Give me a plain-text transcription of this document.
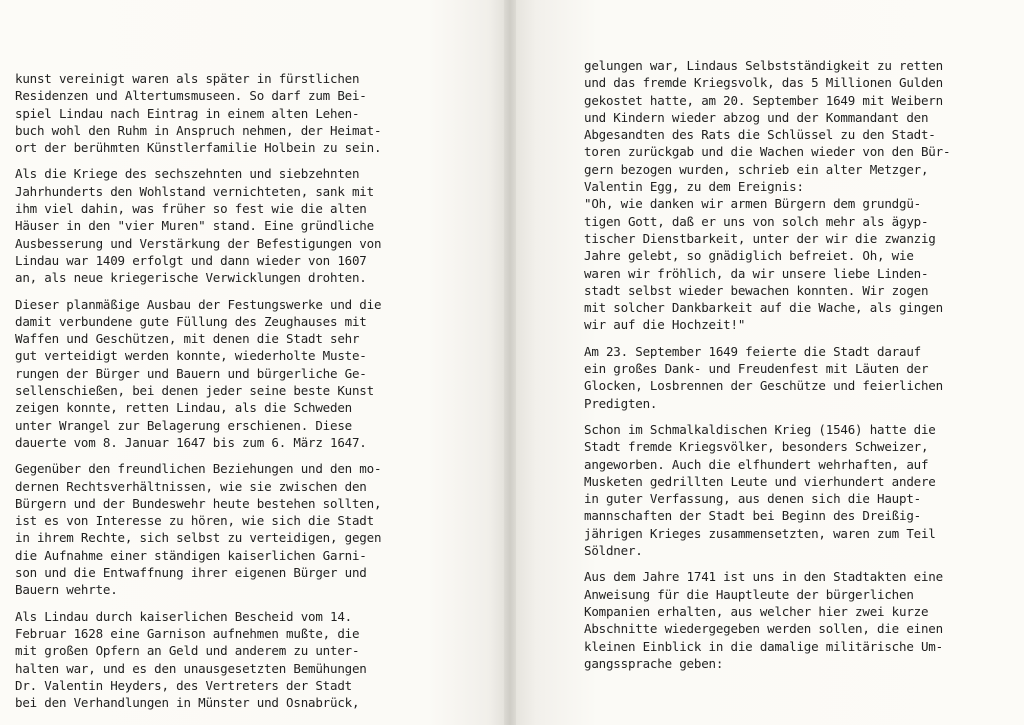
kunst vereinigt waren als später in fürstlichen
Residenzen und Altertumsmuseen. So darf zum Bei-
spiel Lindau nach Eintrag in einem alten Lehen-
buch wohl den Ruhm in Anspruch nehmen, der Heimat-
ort der berühmten Künstlerfamilie Holbein zu sein.
Als die Kriege des sechszehnten und siebzehnten
Jahrhunderts den Wohlstand vernichteten, sank mit
ihm viel dahin, was früher so fest wie die alten
Häuser in den "vier Muren" stand. Eine gründliche
Ausbesserung und Verstärkung der Befestigungen von
Lindau war 1409 erfolgt und dann wieder von 1607
an, als neue kriegerische Verwicklungen drohten.
Dieser planmäßige Ausbau der Festungswerke und die
damit verbundene gute Füllung des Zeughauses mit
Waffen und Geschützen, mit denen die Stadt sehr
gut verteidigt werden konnte, wiederholte Muste-
rungen der Bürger und Bauern und bürgerliche Ge-
sellenschießen, bei denen jeder seine beste Kunst
zeigen konnte, retten Lindau, als die Schweden
unter Wrangel zur Belagerung erschienen. Diese
dauerte vom 8. Januar 1647 bis zum 6. März 1647.
Gegenüber den freundlichen Beziehungen und den mo-
dernen Rechtsverhältnissen, wie sie zwischen den
Bürgern und der Bundeswehr heute bestehen sollten,
ist es von Interesse zu hören, wie sich die Stadt
in ihrem Rechte, sich selbst zu verteidigen, gegen
die Aufnahme einer ständigen kaiserlichen Garni-
son und die Entwaffnung ihrer eigenen Bürger und
Bauern wehrte.
Als Lindau durch kaiserlichen Bescheid vom 14.
Februar 1628 eine Garnison aufnehmen mußte, die
mit großen Opfern an Geld und anderem zu unter-
halten war, und es den unausgesetzten Bemühungen
Dr. Valentin Heyders, des Vertreters der Stadt
bei den Verhandlungen in Münster und Osnabrück,
gelungen war, Lindaus Selbstständigkeit zu retten
und das fremde Kriegsvolk, das 5 Millionen Gulden
gekostet hatte, am 20. September 1649 mit Weibern
und Kindern wieder abzog und der Kommandant den
Abgesandten des Rats die Schlüssel zu den Stadt-
toren zurückgab und die Wachen wieder von den Bür-
gern bezogen wurden, schrieb ein alter Metzger,
Valentin Egg, zu dem Ereignis:
"Oh, wie danken wir armen Bürgern dem grundgü-
tigen Gott, daß er uns von solch mehr als ägyp-
tischer Dienstbarkeit, unter der wir die zwanzig
Jahre gelebt, so gnädiglich befreiet. Oh, wie
waren wir fröhlich, da wir unsere liebe Linden-
stadt selbst wieder bewachen konnten. Wir zogen
mit solcher Dankbarkeit auf die Wache, als gingen
wir auf die Hochzeit!"
Am 23. September 1649 feierte die Stadt darauf
ein großes Dank- und Freudenfest mit Läuten der
Glocken, Losbrennen der Geschütze und feierlichen
Predigten.
Schon im Schmalkaldischen Krieg (1546) hatte die
Stadt fremde Kriegsvölker, besonders Schweizer,
angeworben. Auch die elfhundert wehrhaften, auf
Musketen gedrillten Leute und vierhundert andere
in guter Verfassung, aus denen sich die Haupt-
mannschaften der Stadt bei Beginn des Dreißig-
jährigen Krieges zusammensetzten, waren zum Teil
Söldner.
Aus dem Jahre 1741 ist uns in den Stadtakten eine
Anweisung für die Hauptleute der bürgerlichen
Kompanien erhalten, aus welcher hier zwei kurze
Abschnitte wiedergegeben werden sollen, die einen
kleinen Einblick in die damalige militärische Um-
gangssprache geben:
